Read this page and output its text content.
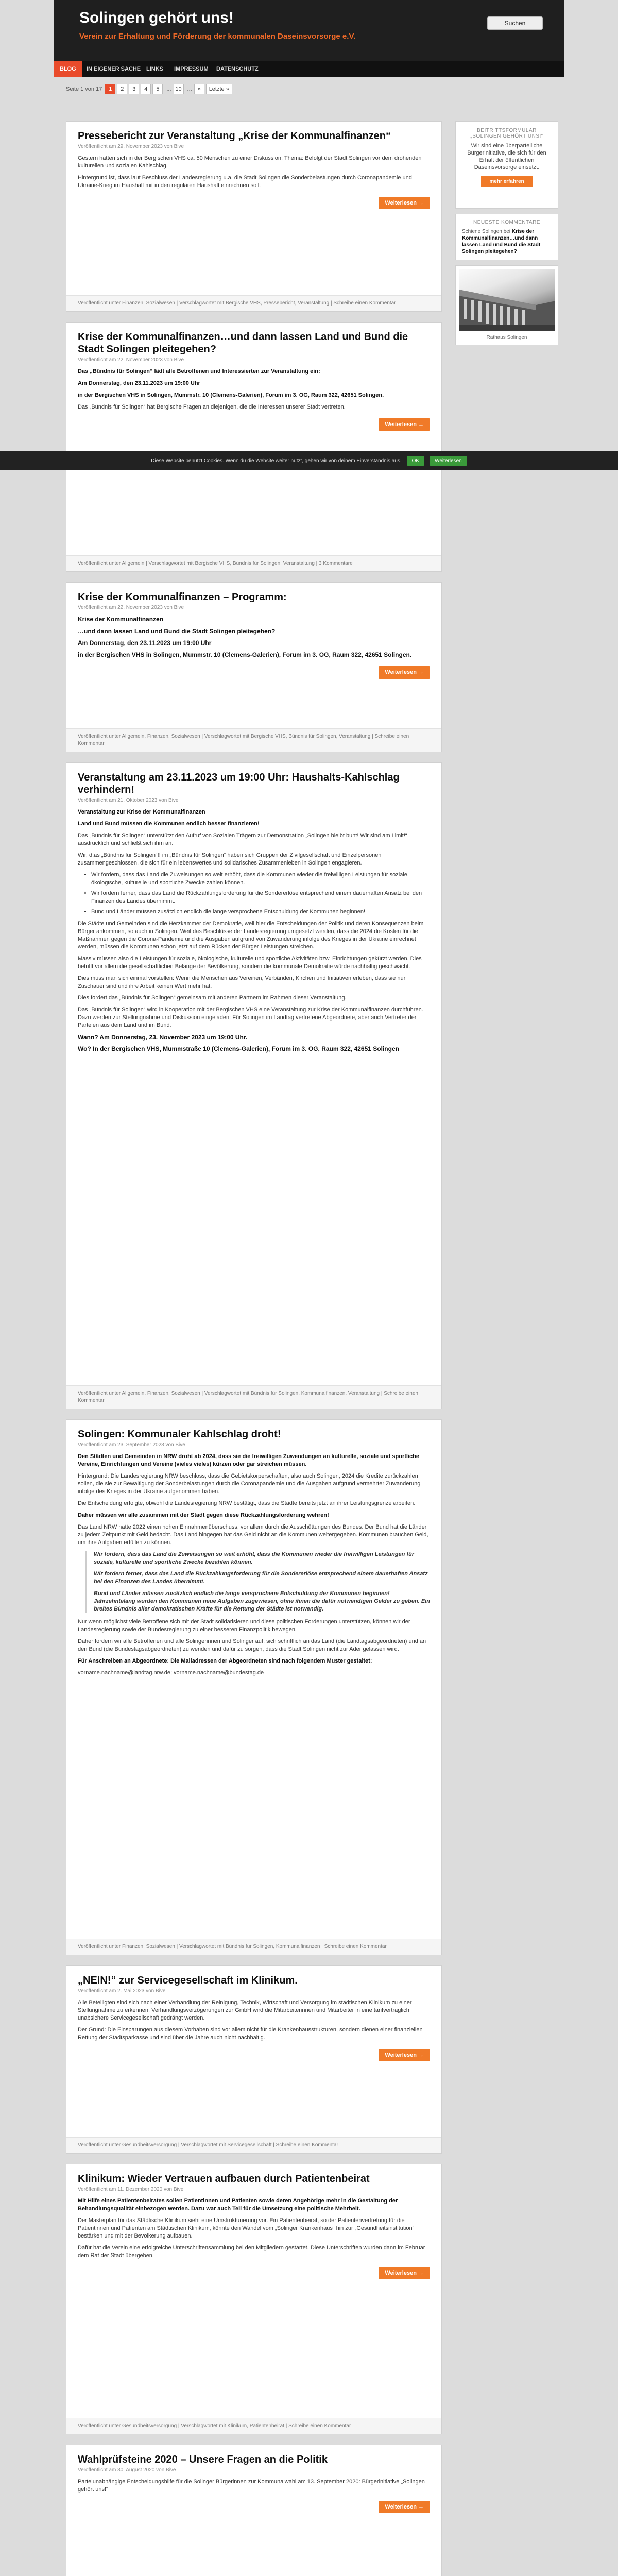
Solingen gehört uns!
Verein zur Erhaltung und Förderung der kommunalen Daseinsvorsorge e.V.
Suchen
BLOG	IN EIGENER SACHE LINKS	IMPRESSUM	DATENSCHUTZ
Seite 1 von 17	1	2	3	4	5	... 10 ... »	Letzte »
Pressebericht zur Veranstaltung „Krise der Kommunalfinanzen“
Veröffentlicht am 29. November 2023 von Bive

Gestern hatten sich in der Bergischen VHS ca. 50 Menschen zu einer Diskussion: Thema: Befolgt der Stadt Solingen vor dem drohenden kulturellen und sozialen Kahlschlag.

Hintergrund ist, dass laut Beschluss der Landesregierung u.a. die Stadt Solingen die Sonderbelastungen durch Coronapandemie und Ukraine-Krieg im Haushalt mit in den regulären Haushalt einrechnen soll.

Weiterlesen →
Veröffentlicht unter Finanzen, Sozialwesen | Verschlagwortet mit Bergische VHS, Pressebericht, Veranstaltung | Schreibe einen Kommentar
Krise der Kommunalfinanzen…und dann lassen Land und Bund die Stadt Solingen pleitegehen?
Veröffentlicht am 22. November 2023 von Bive

Das „Bündnis für Solingen“ lädt alle Betroffenen und Interessierten zur Veranstaltung ein:

Am Donnerstag, den 23.11.2023 um 19:00 Uhr

in der Bergischen VHS in Solingen, Mummstr. 10 (Clemens-Galerien), Forum im 3. OG, Raum 322, 42651 Solingen.

Das „Bündnis für Solingen“ hat Bergische Fragen an diejenigen, die die Interessen unserer Stadt vertreten.

Weiterlesen →
Veröffentlicht unter Allgemein | Verschlagwortet mit Bergische VHS, Bündnis für Solingen, Veranstaltung | 3 Kommentare
Krise der Kommunalfinanzen – Programm:
Veröffentlicht am 22. November 2023 von Bive

Krise der Kommunalfinanzen

…und dann lassen Land und Bund die Stadt Solingen pleitegehen?

Am Donnerstag, den 23.11.2023 um 19:00 Uhr

in der Bergischen VHS in Solingen, Mummstr. 10 (Clemens-Galerien), Forum im 3. OG, Raum 322, 42651 Solingen.

Weiterlesen →
Veröffentlicht unter Allgemein, Finanzen, Sozialwesen | Verschlagwortet mit Bergische VHS, Bündnis für Solingen, Veranstaltung | Schreibe einen Kommentar
Veranstaltung am 23.11.2023 um 19:00 Uhr: Haushalts-Kahlschlag verhindern!
Veröffentlicht am 21. Oktober 2023 von Bive

Veranstaltung zur Krise der Kommunalfinanzen

Land und Bund müssen die Kommunen endlich besser finanzieren!

Das „Bündnis für Solingen“ unterstützt den Aufruf von Sozialen Trägern zur Demonstration „Solingen bleibt bunt! Wir sind am Limit!“ ausdrücklich und schließt sich ihm an.

Wir, d.as „Bündnis für Solingen“!! im „Bündnis für Solingen“ haben sich Gruppen der Zivilgesellschaft und Einzelpersonen zusammengeschlossen, die sich für ein lebenswertes und solidarisches Zusammenleben in Solingen engagieren.

• Wir fordern, dass das Land die Zuweisungen so weit erhöht, dass die Kommunen wieder die freiwilligen Leistungen für soziale, ökologische, kulturelle und sportliche Zwecke zahlen können.
• Wir fordern ferner, dass das Land die Rückzahlungsforderung für die Sondererlöse entsprechend einem dauerhaften Ansatz bei den Finanzen des Landes übernimmt.
• Bund und Länder müssen zusätzlich endlich die lange versprochene Entschuldung der Kommunen beginnen!

Die Städte und Gemeinden sind die Herzkammer der Demokratie, weil hier die Entscheidungen der Politik und deren Konsequenzen beim Bürger ankommen, so auch in Solingen. Weil das Beschlüsse der Landesregierung umgesetzt werden, dass die 2024 die Kosten für die Maßnahmen gegen die Corona-Pandemie und die Ausgaben aufgrund von Zuwanderung infolge des Krieges in der Ukraine einrechnet werden, müssen die Kommunen schon jetzt auf dem Rücken der Bürger Leistungen streichen.

Massiv müssen also die Leistungen für soziale, ökologische, kulturelle und sportliche Aktivitäten bzw. Einrichtungen gekürzt werden. Dies betrifft vor allem die gesellschaftlichen Belange der Bevölkerung, sondern die kommunale Demokratie würde nachhaltig geschwächt.

Dies muss man sich einmal vorstellen: Wenn die Menschen aus Vereinen, Verbänden, Kirchen und Initiativen erleben, dass sie nur Zuschauer sind und ihre Arbeit keinen Wert mehr hat.

Dies fordert das „Bündnis für Solingen“ gemeinsam mit anderen Partnern im Rahmen dieser Veranstaltung.

Das „Bündnis für Solingen“ wird in Kooperation mit der Bergischen VHS eine Veranstaltung zur Krise der Kommunalfinanzen durchführen. Dazu werden zur Stellungnahme und Diskussion eingeladen: Für Solingen im Landtag vertretene Abgeordnete, aber auch Vertreter der Parteien aus dem Land und im Bund.

Wann? Am Donnerstag, 23. November 2023 um 19:00 Uhr.

Wo? In der Bergischen VHS, Mummstraße 10 (Clemens-Galerien), Forum im 3. OG, Raum 322, 42651 Solingen

Veröffentlicht unter Allgemein, Finanzen, Sozialwesen | Verschlagwortet mit Bündnis für Solingen, Kommunalfinanzen, Veranstaltung | Schreibe einen Kommentar
Solingen: Kommunaler Kahlschlag droht!
Veröffentlicht am 23. September 2023 von Bive

Den Städten und Gemeinden in NRW droht ab 2024, dass sie die freiwilligen Zuwendungen an kulturelle, soziale und sportliche Vereine, Einrichtungen und Vereine (vieles vieles) kürzen oder gar streichen müssen.

Hintergrund: Die Landesregierung NRW beschloss, dass die Gebietskörperschaften, also auch Solingen, 2024 die Kredite zurückzahlen sollen, die sie zur Bewältigung der Sonderbelastungen durch die Coronapandemie und die Ausgaben aufgrund vermehrter Zuwanderung infolge des Krieges in der Ukraine aufgenommen haben.

Die Entscheidung erfolgte, obwohl die Landesregierung NRW bestätigt, dass die Städte bereits jetzt an ihrer Leistungsgrenze arbeiten.

Daher müssen wir alle zusammen mit der Stadt gegen diese Rückzahlungsforderung wehren!

Das Land NRW hatte 2022 einen hohen Einnahmenüberschuss, vor allem durch die Ausschüttungen des Bundes. Der Bund hat die Länder zu jedem Zeitpunkt mit Geld bedacht. Das Land hingegen hat das Geld nicht an die Kommunen weitergegeben. Kommunen brauchen Geld, um ihre Aufgaben erfüllen zu können.

Wir fordern, dass das Land die Zuweisungen so weit erhöht, dass die Kommunen wieder die freiwilligen Leistungen für soziale, kulturelle und sportliche Zwecke bezahlen können.

Wir fordern ferner, dass das Land die Rückzahlungsforderung für die Sondererlöse entsprechend einem dauerhaften Ansatz bei den Finanzen des Landes übernimmt.

Bund und Länder müssen zusätzlich endlich die lange versprochene Entschuldung der Kommunen beginnen! Jahrzehntelang wurden den Kommunen neue Aufgaben zugewiesen, ohne ihnen die dafür notwendigen Gelder zu geben. Ein breites Bündnis aller demokratischen Kräfte für die Rettung der Städte ist notwendig.

Nur wenn möglichst viele Betroffene sich mit der Stadt solidarisieren und diese politischen Forderungen unterstützen, können wir der Landesregierung sowie der Bundesregierung zu einer besseren Finanzpolitik bewegen.

Daher fordern wir alle Betroffenen und alle Solingerinnen und Solinger auf, sich schriftlich an das Land (die Landtagsabgeordneten) und an den Bund (die Bundestagsabgeordneten) zu wenden und dafür zu sorgen, dass die Stadt Solingen nicht zur Ader gelassen wird.

Für Anschreiben an Abgeordnete: Die Mailadressen der Abgeordneten sind nach folgendem Muster gestaltet:

vorname.nachname@landtag.nrw.de; vorname.nachname@bundestag.de

Veröffentlicht unter Finanzen, Sozialwesen | Verschlagwortet mit Bündnis für Solingen, Kommunalfinanzen | Schreibe einen Kommentar
„NEIN!“ zur Servicegesellschaft im Klinikum.
Veröffentlicht am 2. Mai 2023 von Bive

Alle Beteiligten sind sich nach einer Verhandlung der Reinigung, Technik, Wirtschaft und Versorgung im städtischen Klinikum zu einer Stellungnahme zu erkennen. Verhandlungsverzögerungen zur GmbH wird die Mitarbeiterinnen und Mitarbeiter in eine tarifvertraglich unabsichere Servicegesellschaft gedrängt werden.

Der Grund: Die Einsparungen aus diesem Vorhaben sind vor allem nicht für die Krankenhausstrukturen, sondern dienen einer finanziellen Rettung der Stadtsparkasse und sind über die Jahre auch nicht nachhaltig.

Weiterlesen →
Veröffentlicht unter Gesundheitsversorgung | Verschlagwortet mit Servicegesellschaft | Schreibe einen Kommentar
Klinikum: Wieder Vertrauen aufbauen durch Patientenbeirat
Veröffentlicht am 11. Dezember 2020 von Bive

Mit Hilfe eines Patientenbeirates sollen Patientinnen und Patienten sowie deren Angehörige mehr in die Gestaltung der Behandlungsqualität einbezogen werden. Dazu war auch Teil für die Umsetzung eine politische Mehrheit.

Der Masterplan für das Städtische Klinikum sieht eine Umstrukturierung vor. Ein Patientenbeirat, so der Patientenvertretung für die Patientinnen und Patienten am Städtischen Klinikum, könnte den Wandel vom „Solinger Krankenhaus“ hin zur „Gesundheitsinstitution“ bestärken und mit der Bevölkerung aufbauen.

Dafür hat die Verein eine erfolgreiche Unterschriftensammlung bei den Mitgliedern gestartet. Diese Unterschriften wurden dann im Februar dem Rat der Stadt übergeben.

Weiterlesen →
Veröffentlicht unter Gesundheitsversorgung | Verschlagwortet mit Klinikum, Patientenbeirat | Schreibe einen Kommentar
Wahlprüfsteine 2020 – Unsere Fragen an die Politik
Veröffentlicht am 30. August 2020 von Bive

Parteiunabhängige Entscheidungshilfe für die Solinger Bürgerinnen zur Kommunalwahl am 13. September 2020: Bürgerinitiative „Solingen gehört uns!“

Weiterlesen →
BEITRITTSFORMULAR „SOLINGEN GEHÖRT UNS!“

Wir sind eine überparteiliche Bürgerinitiative, die sich für den Erhalt der öffentlichen Daseinsvorsorge einsetzt.

mehr erfahren
NEUESTE KOMMENTARE

Schiene Solingen bei Krise der Kommunalfinanzen…und dann lassen Land und Bund die Stadt Solingen pleitegehen?

Rathaus Solingen
Diese Website benutzt Cookies. Wenn du die Website weiter nutzt, gehen wir von deinem Einverständnis aus.	OK	Weiterlesen
